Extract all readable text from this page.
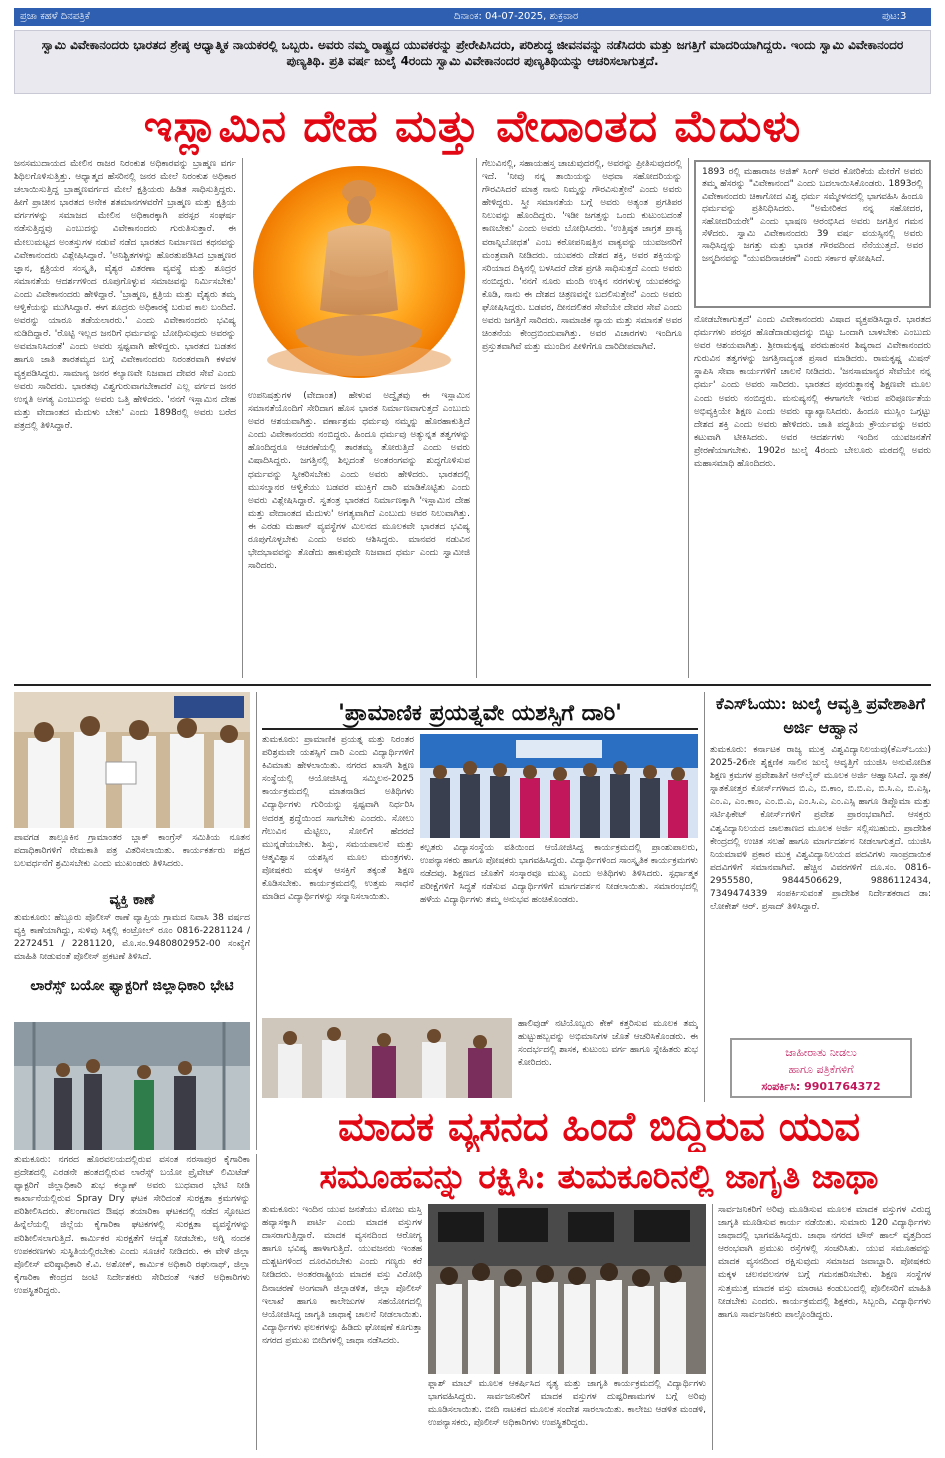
ಪ್ರಜಾ ಕಹಳೆ ದಿನಪತ್ರಿಕೆ	ದಿನಾಂಕ: 04-07-2025, ಶುಕ್ರವಾರ	ಪುಟ:3

ಸ್ವಾಮಿ ವಿವೇಕಾನಂದರು ಭಾರತದ ಶ್ರೇಷ್ಠ ಆಧ್ಯಾತ್ಮಿಕ ನಾಯಕರಲ್ಲಿ ಒಬ್ಬರು. ಅವರು ನಮ್ಮ ರಾಷ್ಟ್ರದ ಯುವಕರನ್ನು ಪ್ರೇರೇಪಿಸಿದರು, ಪರಿಶುದ್ಧ ಜೀವನವನ್ನು ನಡೆಸಿದರು ಮತ್ತು ಜಗತ್ತಿಗೆ ಮಾದರಿಯಾಗಿದ್ದರು. ಇಂದು ಸ್ವಾಮಿ ವಿವೇಕಾನಂದರ ಪುಣ್ಯತಿಥಿ. ಪ್ರತಿ ವರ್ಷ ಜುಲೈ 4ರಂದು ಸ್ವಾಮಿ ವಿವೇಕಾನಂದರ ಪುಣ್ಯತಿಥಿಯನ್ನು ಆಚರಿಸಲಾಗುತ್ತದೆ.

ಇಸ್ಲಾಮಿನ ದೇಹ ಮತ್ತು ವೇದಾಂತದ ಮೆದುಳು
ಜನಸಮುದಾಯದ ಮೇಲಿನ ರಾಜರ ನಿರಂಕುಶ ಅಧಿಕಾರವನ್ನು ಬ್ರಾಹ್ಮಣ ವರ್ಗ ಶಿಥಿಲಗೊಳಿಸುತ್ತಿತ್ತು. ಆಧ್ಯಾತ್ಮದ ಹೆಸರಿನಲ್ಲಿ ಜನರ ಮೇಲೆ ನಿರಂಕುಶ ಅಧಿಕಾರ ಚಲಾಯಿಸುತ್ತಿದ್ದ ಬ್ರಾಹ್ಮಣವರ್ಗದ ಮೇಲೆ ಕ್ಷತ್ರಿಯರು ಹಿಡಿತ ಸಾಧಿಸುತ್ತಿದ್ದರು. ಹೀಗೆ ಪ್ರಾಚೀನ ಭಾರತದ ಅನೇಕ ಶತಮಾನಗಳವರೆಗೆ ಬ್ರಾಹ್ಮಣ ಮತ್ತು ಕ್ಷತ್ರಿಯ ವರ್ಗಗಳನ್ನು ಸಮಾಜದ ಮೇಲಿನ ಅಧಿಕಾರಕ್ಕಾಗಿ ಪರಸ್ಪರ ಸಂಘರ್ಷ ನಡೆಸುತ್ತಿದ್ದವು ಎಂಬುದನ್ನು ವಿವೇಕಾನಂದರು ಗುರುತಿಸುತ್ತಾರೆ. ಈ ಮೇಲುಮಟ್ಟದ ಅಂತಸ್ತುಗಳ ನಡುವೆ ನಡೆದ ಭಾರತದ ನಿರ್ಮಾಣದ ಕಥನವನ್ನು ವಿವೇಕಾನಂದರು ವಿಶ್ಲೇಷಿಸಿದ್ದಾರೆ. 'ಅನಿಶ್ಚಿತಗಳನ್ನು ಹೊರತುಪಡಿಸಿದ ಬ್ರಾಹ್ಮಣರ ಜ್ಞಾನ, ಕ್ಷತ್ರಿಯರ ಸಂಸ್ಕೃತಿ, ವೈಶ್ಯರ ವಿತರಣಾ ವ್ಯವಸ್ಥೆ ಮತ್ತು ಶೂದ್ರರ ಸಮಾನತೆಯ ಆದರ್ಶಗಳಿಂದ ರೂಪುಗೊಳ್ಳುವ ಸಮಾಜವನ್ನು ನಿರ್ಮಿಸಬೇಕು' ಎಂದು ವಿವೇಕಾನಂದರು ಹೇಳಿದ್ದಾರೆ. 'ಬ್ರಾಹ್ಮಣ, ಕ್ಷತ್ರಿಯ ಮತ್ತು ವೈಶ್ಯರು ತಮ್ಮ ಆಳ್ವಿಕೆಯನ್ನು ಮುಗಿಸಿದ್ದಾರೆ. ಈಗ ಶೂದ್ರರು ಅಧಿಕಾರಕ್ಕೆ ಬರುವ ಕಾಲ ಬಂದಿದೆ. ಅವರನ್ನು ಯಾರೂ ತಡೆಯಲಾರರು.' ಎಂದು ವಿವೇಕಾನಂದರು ಭವಿಷ್ಯ ನುಡಿದಿದ್ದಾರೆ. 'ರೊಟ್ಟಿ ಇಲ್ಲದ ಜನರಿಗೆ ಧರ್ಮವನ್ನು ಬೋಧಿಸುವುದು ಅವರನ್ನು ಅವಮಾನಿಸಿದಂತೆ' ಎಂದು ಅವರು ಸ್ಪಷ್ಟವಾಗಿ ಹೇಳಿದ್ದರು. ಭಾರತದ ಬಡತನ ಹಾಗೂ ಜಾತಿ ತಾರತಮ್ಯದ ಬಗ್ಗೆ ವಿವೇಕಾನಂದರು ನಿರಂತರವಾಗಿ ಕಳವಳ ವ್ಯಕ್ತಪಡಿಸಿದ್ದರು. ಸಾಮಾನ್ಯ ಜನರ ಕಲ್ಯಾಣವೇ ನಿಜವಾದ ದೇವರ ಸೇವೆ ಎಂದು ಅವರು ಸಾರಿದರು. ಭಾರತವು ವಿಶ್ವಗುರುವಾಗಬೇಕಾದರೆ ಎಲ್ಲ ವರ್ಗದ ಜನರ ಉನ್ನತಿ ಅಗತ್ಯ ಎಂಬುದನ್ನು ಅವರು ಒತ್ತಿ ಹೇಳಿದರು. 'ನನಗೆ ಇಸ್ಲಾಮಿನ ದೇಹ ಮತ್ತು ವೇದಾಂತದ ಮೆದುಳು ಬೇಕು' ಎಂದು 1898ರಲ್ಲಿ ಅವರು ಬರೆದ ಪತ್ರದಲ್ಲಿ ತಿಳಿಸಿದ್ದಾರೆ.
ಉಪನಿಷತ್ತುಗಳ (ವೇದಾಂತ) ಹೇಳುವ ಅದ್ವೈತವು ಈ ಇಸ್ಲಾಮಿನ ಸಮಾನತೆಯೊಂದಿಗೆ ಸೇರಿದಾಗ ಹೊಸ ಭಾರತ ನಿರ್ಮಾಣವಾಗುತ್ತದೆ ಎಂಬುದು ಅವರ ಆಶಯವಾಗಿತ್ತು. ವರ್ಣಾಶ್ರಮ ಧರ್ಮವು ನಮ್ಮನ್ನು ಹೊರಹಾಕುತ್ತಿದೆ ಎಂದು ವಿವೇಕಾನಂದರು ನಂಬಿದ್ದರು. ಹಿಂದೂ ಧರ್ಮವು ಅತ್ಯುನ್ನತ ತತ್ವಗಳನ್ನು ಹೊಂದಿದ್ದರೂ ಆಚರಣೆಯಲ್ಲಿ ತಾರತಮ್ಯ ತೋರುತ್ತಿದೆ ಎಂದು ಅವರು ವಿಷಾದಿಸಿದ್ದರು. ಜಗತ್ತಿನಲ್ಲಿ ಶಿಲ್ಪದಂತೆ ಅಂತರಂಗವನ್ನು ಶುದ್ಧಗೊಳಿಸುವ ಧರ್ಮವನ್ನು ಸ್ವೀಕರಿಸಬೇಕು ಎಂದು ಅವರು ಹೇಳಿದರು. ಭಾರತದಲ್ಲಿ ಮುಸಲ್ಮಾನರ ಆಳ್ವಿಕೆಯು ಬಡವರ ಮುಕ್ತಿಗೆ ದಾರಿ ಮಾಡಿಕೊಟ್ಟಿತು ಎಂದು ಅವರು ವಿಶ್ಲೇಷಿಸಿದ್ದಾರೆ. ಸ್ವತಂತ್ರ ಭಾರತದ ನಿರ್ಮಾಣಕ್ಕಾಗಿ 'ಇಸ್ಲಾಮಿನ ದೇಹ ಮತ್ತು ವೇದಾಂತದ ಮೆದುಳು' ಅಗತ್ಯವಾಗಿದೆ ಎಂಬುದು ಅವರ ನಿಲುವಾಗಿತ್ತು. ಈ ಎರಡು ಮಹಾನ್ ವ್ಯವಸ್ಥೆಗಳ ಮಿಲನದ ಮೂಲಕವೇ ಭಾರತದ ಭವಿಷ್ಯ ರೂಪುಗೊಳ್ಳಬೇಕು ಎಂದು ಅವರು ಆಶಿಸಿದ್ದರು. ಮಾನವರ ನಡುವಿನ ಭೇದಭಾವವನ್ನು ತೊಡೆದು ಹಾಕುವುದೇ ನಿಜವಾದ ಧರ್ಮ ಎಂದು ಸ್ವಾಮೀಜಿ ಸಾರಿದರು.
ಗೆಲುವಿನಲ್ಲಿ, ಸಹಾಯಹಸ್ತ ಚಾಚುವುದರಲ್ಲಿ, ಅವರನ್ನು ಪ್ರೀತಿಸುವುದರಲ್ಲಿ ಇದೆ. 'ನೀವು ನನ್ನ ತಾಯಿಯನ್ನು ಅಥವಾ ಸಹೋದರಿಯನ್ನು ಗೌರವಿಸಿದರೆ ಮಾತ್ರ ನಾನು ನಿಮ್ಮನ್ನು ಗೌರವಿಸುತ್ತೇನೆ' ಎಂದು ಅವರು ಹೇಳಿದ್ದರು. ಸ್ತ್ರೀ ಸಮಾನತೆಯ ಬಗ್ಗೆ ಅವರು ಅತ್ಯಂತ ಪ್ರಗತಿಪರ ನಿಲುವನ್ನು ಹೊಂದಿದ್ದರು. 'ಇಡೀ ಜಗತ್ತನ್ನು ಒಂದು ಕುಟುಂಬದಂತೆ ಕಾಣಬೇಕು' ಎಂದು ಅವರು ಬೋಧಿಸಿದರು. 'ಉತ್ತಿಷ್ಠತ ಜಾಗ್ರತ ಪ್ರಾಪ್ಯ ವರಾನ್ನಿಬೋಧತ' ಎಂಬ ಕಠೋಪನಿಷತ್ತಿನ ವಾಕ್ಯವನ್ನು ಯುವಜನರಿಗೆ ಮಂತ್ರವಾಗಿ ನೀಡಿದರು. ಯುವಕರು ದೇಶದ ಶಕ್ತಿ, ಅವರ ಶಕ್ತಿಯನ್ನು ಸರಿಯಾದ ದಿಕ್ಕಿನಲ್ಲಿ ಬಳಸಿದರೆ ದೇಶ ಪ್ರಗತಿ ಸಾಧಿಸುತ್ತದೆ ಎಂದು ಅವರು ನಂಬಿದ್ದರು. 'ನನಗೆ ನೂರು ಮಂದಿ ಉಕ್ಕಿನ ನರಗಳುಳ್ಳ ಯುವಕರನ್ನು ಕೊಡಿ, ನಾನು ಈ ದೇಶದ ಚಿತ್ರಣವನ್ನೇ ಬದಲಿಸುತ್ತೇನೆ' ಎಂದು ಅವರು ಘೋಷಿಸಿದ್ದರು. ಬಡವರ, ದೀನದಲಿತರ ಸೇವೆಯೇ ದೇವರ ಸೇವೆ ಎಂದು ಅವರು ಜಗತ್ತಿಗೆ ಸಾರಿದರು. ಸಾಮಾಜಿಕ ನ್ಯಾಯ ಮತ್ತು ಸಮಾನತೆ ಅವರ ಚಿಂತನೆಯ ಕೇಂದ್ರಬಿಂದುವಾಗಿತ್ತು. ಅವರ ವಿಚಾರಗಳು ಇಂದಿಗೂ ಪ್ರಸ್ತುತವಾಗಿವೆ ಮತ್ತು ಮುಂದಿನ ಪೀಳಿಗೆಗೂ ದಾರಿದೀಪವಾಗಿವೆ.
1893 ರಲ್ಲಿ ಮಹಾರಾಜ ಅಜಿತ್ ಸಿಂಗ್ ಅವರ ಕೋರಿಕೆಯ ಮೇರೆಗೆ ಅವರು ತಮ್ಮ ಹೆಸರನ್ನು "ವಿವೇಕಾನಂದ" ಎಂದು ಬದಲಾಯಿಸಿಕೊಂಡರು. 1893ರಲ್ಲಿ ವಿವೇಕಾನಂದರು ಚಿಕಾಗೋದ ವಿಶ್ವ ಧರ್ಮ ಸಮ್ಮೇಳನದಲ್ಲಿ ಭಾಗವಹಿಸಿ ಹಿಂದೂ ಧರ್ಮವನ್ನು ಪ್ರತಿನಿಧಿಸಿದರು. "ಅಮೇರಿಕದ ನನ್ನ ಸಹೋದರ, ಸಹೋದರಿಯರೇ" ಎಂದು ಭಾಷಣ ಆರಂಭಿಸಿದ ಅವರು ಜಗತ್ತಿನ ಗಮನ ಸೆಳೆದರು. ಸ್ವಾಮಿ ವಿವೇಕಾನಂದರು 39 ವರ್ಷ ವಯಸ್ಸಿನಲ್ಲಿ ಅವರು ಸಾಧಿಸಿದ್ದನ್ನು ಜಗತ್ತು ಮತ್ತು ಭಾರತ ಗೌರವದಿಂದ ನೆನೆಯುತ್ತದೆ. ಅವರ ಜನ್ಮದಿನವನ್ನು "ಯುವದಿನಾಚರಣೆ" ಎಂದು ಸರ್ಕಾರ ಘೋಷಿಸಿದೆ.
ನೋಡಬೇಕಾಗುತ್ತದೆ' ಎಂದು ವಿವೇಕಾನಂದರು ವಿಷಾದ ವ್ಯಕ್ತಪಡಿಸಿದ್ದಾರೆ. ಭಾರತದ ಧರ್ಮಗಳು ಪರಸ್ಪರ ಹೊಡೆದಾಡುವುದನ್ನು ಬಿಟ್ಟು ಒಂದಾಗಿ ಬಾಳಬೇಕು ಎಂಬುದು ಅವರ ಆಶಯವಾಗಿತ್ತು. ಶ್ರೀರಾಮಕೃಷ್ಣ ಪರಮಹಂಸರ ಶಿಷ್ಯರಾದ ವಿವೇಕಾನಂದರು ಗುರುವಿನ ತತ್ವಗಳನ್ನು ಜಗತ್ತಿನಾದ್ಯಂತ ಪ್ರಸಾರ ಮಾಡಿದರು. ರಾಮಕೃಷ್ಣ ಮಿಷನ್ ಸ್ಥಾಪಿಸಿ ಸೇವಾ ಕಾರ್ಯಗಳಿಗೆ ಚಾಲನೆ ನೀಡಿದರು. 'ಜನಸಾಮಾನ್ಯರ ಸೇವೆಯೇ ನನ್ನ ಧರ್ಮ' ಎಂದು ಅವರು ಸಾರಿದರು. ಭಾರತದ ಪುನರುತ್ಥಾನಕ್ಕೆ ಶಿಕ್ಷಣವೇ ಮೂಲ ಎಂದು ಅವರು ನಂಬಿದ್ದರು. ಮನುಷ್ಯನಲ್ಲಿ ಈಗಾಗಲೇ ಇರುವ ಪರಿಪೂರ್ಣತೆಯ ಅಭಿವ್ಯಕ್ತಿಯೇ ಶಿಕ್ಷಣ ಎಂದು ಅವರು ವ್ಯಾಖ್ಯಾನಿಸಿದರು. ಹಿಂದೂ ಮುಸ್ಲಿಂ ಒಗ್ಗಟ್ಟು ದೇಶದ ಶಕ್ತಿ ಎಂದು ಅವರು ಹೇಳಿದರು. ಜಾತಿ ಪದ್ಧತಿಯ ಕ್ರೌರ್ಯವನ್ನು ಅವರು ಕಟುವಾಗಿ ಟೀಕಿಸಿದರು. ಅವರ ಆದರ್ಶಗಳು ಇಂದಿನ ಯುವಜನತೆಗೆ ಪ್ರೇರಣೆಯಾಗಬೇಕು. 1902ರ ಜುಲೈ 4ರಂದು ಬೇಲೂರು ಮಠದಲ್ಲಿ ಅವರು ಮಹಾಸಮಾಧಿ ಹೊಂದಿದರು.
ಪಾವಗಡ ತಾಲ್ಲೂಕಿನ ಗ್ರಾಮಾಂತರ ಬ್ಲಾಕ್ ಕಾಂಗ್ರೆಸ್ ಸಮಿತಿಯ ನೂತನ ಪದಾಧಿಕಾರಿಗಳಿಗೆ ನೇಮಕಾತಿ ಪತ್ರ ವಿತರಿಸಲಾಯಿತು. ಕಾರ್ಯಕರ್ತರು ಪಕ್ಷದ ಬಲವರ್ಧನೆಗೆ ಶ್ರಮಿಸಬೇಕು ಎಂದು ಮುಖಂಡರು ತಿಳಿಸಿದರು.
ವ್ಯಕ್ತಿ ಕಾಣೆ
ತುಮಕೂರು: ಹೆಬ್ಬೂರು ಪೊಲೀಸ್ ಠಾಣೆ ವ್ಯಾಪ್ತಿಯ ಗ್ರಾಮದ ನಿವಾಸಿ 38 ವರ್ಷದ ವ್ಯಕ್ತಿ ಕಾಣೆಯಾಗಿದ್ದು, ಸುಳಿವು ಸಿಕ್ಕಲ್ಲಿ ಕಂಟ್ರೋಲ್ ರೂಂ 0816-2281124 / 2272451 / 2281120, ಮೊ.ಸಂ.9480802952-00 ಸಂಖ್ಯೆಗೆ ಮಾಹಿತಿ ನೀಡುವಂತೆ ಪೊಲೀಸ್ ಪ್ರಕಟಣೆ ತಿಳಿಸಿದೆ.
ಲಾರೆಸ್ಸ್ ಬಯೋ ಫ್ಯಾಕ್ಟರಿಗೆ ಜಿಲ್ಲಾಧಿಕಾರಿ ಭೇಟಿ
'ಪ್ರಾಮಾಣಿಕ ಪ್ರಯತ್ನವೇ ಯಶಸ್ಸಿಗೆ ದಾರಿ'
ತುಮಕೂರು: ಪ್ರಾಮಾಣಿಕ ಪ್ರಯತ್ನ ಮತ್ತು ನಿರಂತರ ಪರಿಶ್ರಮವೇ ಯಶಸ್ಸಿಗೆ ದಾರಿ ಎಂದು ವಿದ್ಯಾರ್ಥಿಗಳಿಗೆ ಕಿವಿಮಾತು ಹೇಳಲಾಯಿತು. ನಗರದ ಖಾಸಗಿ ಶಿಕ್ಷಣ ಸಂಸ್ಥೆಯಲ್ಲಿ ಆಯೋಜಿಸಿದ್ದ ಸಮ್ಮಿಲನ-2025 ಕಾರ್ಯಕ್ರಮದಲ್ಲಿ ಮಾತನಾಡಿದ ಅತಿಥಿಗಳು ವಿದ್ಯಾರ್ಥಿಗಳು ಗುರಿಯನ್ನು ಸ್ಪಷ್ಟವಾಗಿ ನಿರ್ಧರಿಸಿ ಅದರತ್ತ ಶ್ರದ್ಧೆಯಿಂದ ಸಾಗಬೇಕು ಎಂದರು. ಸೋಲು ಗೆಲುವಿನ ಮೆಟ್ಟಿಲು, ಸೋಲಿಗೆ ಹೆದರದೆ ಮುನ್ನಡೆಯಬೇಕು. ಶಿಸ್ತು, ಸಮಯಪಾಲನೆ ಮತ್ತು ಆತ್ಮವಿಶ್ವಾಸ ಯಶಸ್ಸಿನ ಮೂಲ ಮಂತ್ರಗಳು. ಪೋಷಕರು ಮಕ್ಕಳ ಆಸಕ್ತಿಗೆ ತಕ್ಕಂತೆ ಶಿಕ್ಷಣ ಕೊಡಿಸಬೇಕು. ಕಾರ್ಯಕ್ರಮದಲ್ಲಿ ಉತ್ತಮ ಸಾಧನೆ ಮಾಡಿದ ವಿದ್ಯಾರ್ಥಿಗಳನ್ನು ಸನ್ಮಾನಿಸಲಾಯಿತು.
ಕಲ್ಪತರು ವಿದ್ಯಾಸಂಸ್ಥೆಯ ವತಿಯಿಂದ ಆಯೋಜಿಸಿದ್ದ ಕಾರ್ಯಕ್ರಮದಲ್ಲಿ ಪ್ರಾಂಶುಪಾಲರು, ಉಪನ್ಯಾಸಕರು ಹಾಗೂ ಪೋಷಕರು ಭಾಗವಹಿಸಿದ್ದರು. ವಿದ್ಯಾರ್ಥಿಗಳಿಂದ ಸಾಂಸ್ಕೃತಿಕ ಕಾರ್ಯಕ್ರಮಗಳು ನಡೆದವು. ಶಿಕ್ಷಣದ ಜೊತೆಗೆ ಸಂಸ್ಕಾರವೂ ಮುಖ್ಯ ಎಂದು ಅತಿಥಿಗಳು ತಿಳಿಸಿದರು. ಸ್ಪರ್ಧಾತ್ಮಕ ಪರೀಕ್ಷೆಗಳಿಗೆ ಸಿದ್ಧತೆ ನಡೆಸುವ ವಿದ್ಯಾರ್ಥಿಗಳಿಗೆ ಮಾರ್ಗದರ್ಶನ ನೀಡಲಾಯಿತು. ಸಮಾರಂಭದಲ್ಲಿ ಹಳೆಯ ವಿದ್ಯಾರ್ಥಿಗಳು ತಮ್ಮ ಅನುಭವ ಹಂಚಿಕೊಂಡರು.
ಹಾಲಿವುಡ್ ನಟಿಯೊಬ್ಬರು ಕೇಕ್ ಕತ್ತರಿಸುವ ಮೂಲಕ ತಮ್ಮ ಹುಟ್ಟುಹಬ್ಬವನ್ನು ಅಭಿಮಾನಿಗಳ ಜೊತೆ ಆಚರಿಸಿಕೊಂಡರು. ಈ ಸಂದರ್ಭದಲ್ಲಿ ಶಾಸಕ, ಕುಟುಂಬ ವರ್ಗ ಹಾಗೂ ಸ್ನೇಹಿತರು ಶುಭ ಕೋರಿದರು.
ಕೆಎಸ್‌ಓಯು: ಜುಲೈ ಆವೃತ್ತಿ ಪ್ರವೇಶಾತಿಗೆ ಅರ್ಜಿ ಆಹ್ವಾನ
ತುಮಕೂರು: ಕರ್ನಾಟಕ ರಾಜ್ಯ ಮುಕ್ತ ವಿಶ್ವವಿದ್ಯಾನಿಲಯವು(ಕೆಎಸ್‌ಒಯು) 2025-26ನೇ ಶೈಕ್ಷಣಿಕ ಸಾಲಿನ ಜುಲೈ ಆವೃತ್ತಿಗೆ ಯುಜಿಸಿ ಅನುಮೋದಿತ ಶಿಕ್ಷಣ ಕ್ರಮಗಳ ಪ್ರವೇಶಾತಿಗೆ ಆನ್‌ಲೈನ್ ಮೂಲಕ ಅರ್ಜಿ ಆಹ್ವಾನಿಸಿದೆ. ಸ್ನಾತಕ/ಸ್ನಾತಕೋತ್ತರ ಕೋರ್ಸ್‌ಗಳಾದ ಬಿ.ಎ, ಬಿ.ಕಾಂ, ಬಿ.ಬಿ.ಎ, ಬಿ.ಸಿ.ಎ, ಬಿ.ಎಸ್ಸಿ, ಎಂ.ಎ, ಎಂ.ಕಾಂ, ಎಂ.ಬಿ.ಎ, ಎಂ.ಸಿ.ಎ, ಎಂ.ಎಸ್ಸಿ ಹಾಗೂ ಡಿಪ್ಲೊಮಾ ಮತ್ತು ಸರ್ಟಿಫಿಕೇಟ್ ಕೋರ್ಸ್‌ಗಳಿಗೆ ಪ್ರವೇಶ ಪ್ರಾರಂಭವಾಗಿದೆ. ಆಸಕ್ತರು ವಿಶ್ವವಿದ್ಯಾನಿಲಯದ ಜಾಲತಾಣದ ಮೂಲಕ ಅರ್ಜಿ ಸಲ್ಲಿಸಬಹುದು. ಪ್ರಾದೇಶಿಕ ಕೇಂದ್ರದಲ್ಲಿ ಉಚಿತ ಸಲಹೆ ಹಾಗೂ ಮಾರ್ಗದರ್ಶನ ನೀಡಲಾಗುತ್ತದೆ. ಯುಜಿಸಿ ನಿಯಮಾವಳಿ ಪ್ರಕಾರ ಮುಕ್ತ ವಿಶ್ವವಿದ್ಯಾನಿಲಯದ ಪದವಿಗಳು ಸಾಂಪ್ರದಾಯಿಕ ಪದವಿಗಳಿಗೆ ಸಮಾನವಾಗಿವೆ. ಹೆಚ್ಚಿನ ವಿವರಗಳಿಗೆ ದೂ.ಸಂ. 0816-2955580, 9844506629, 9886112434, 7349474339 ಸಂಪರ್ಕಿಸುವಂತೆ ಪ್ರಾದೇಶಿಕ ನಿರ್ದೇಶಕರಾದ ಡಾ: ಲೋಕೇಶ್ ಆರ್. ಪ್ರಸಾದ್ ತಿಳಿಸಿದ್ದಾರೆ.
ಜಾಹೀರಾತು ನೀಡಲು
ಹಾಗೂ ಪತ್ರಿಕೆಗಳಿಗೆ
ಸಂಪರ್ಕಿಸಿ: 9901764372
ಮಾದಕ ವ್ಯಸನದ ಹಿಂದೆ ಬಿದ್ದಿರುವ ಯುವ
ಸಮೂಹವನ್ನು ರಕ್ಷಿಸಿ: ತುಮಕೂರಿನಲ್ಲಿ ಜಾಗೃತಿ ಜಾಥಾ
ತುಮಕೂರು: ನಗರದ ಹೊರವಲಯದಲ್ಲಿರುವ ವಸಂತ ನರಸಾಪುರ ಕೈಗಾರಿಕಾ ಪ್ರದೇಶದಲ್ಲಿ ಎರಡನೇ ಹಂತದಲ್ಲಿರುವ ಲಾರೆಸ್ಸ್ ಬಯೋ ಪ್ರೈವೇಟ್ ಲಿಮಿಟೆಡ್ ಫ್ಯಾಕ್ಟರಿಗೆ ಜಿಲ್ಲಾಧಿಕಾರಿ ಶುಭ ಕಲ್ಯಾಣ್ ಅವರು ಬುಧವಾರ ಭೇಟಿ ನೀಡಿ ಕಾರ್ಖಾನೆಯಲ್ಲಿರುವ Spray Dry ಘಟಕ ಸೇರಿದಂತೆ ಸುರಕ್ಷತಾ ಕ್ರಮಗಳನ್ನು ಪರಿಶೀಲಿಸಿದರು. ತೆಲಂಗಾಣದ ಔಷಧ ತಯಾರಿಕಾ ಘಟಕದಲ್ಲಿ ನಡೆದ ಸ್ಫೋಟದ ಹಿನ್ನೆಲೆಯಲ್ಲಿ ಜಿಲ್ಲೆಯ ಕೈಗಾರಿಕಾ ಘಟಕಗಳಲ್ಲಿ ಸುರಕ್ಷತಾ ವ್ಯವಸ್ಥೆಗಳನ್ನು ಪರಿಶೀಲಿಸಲಾಗುತ್ತಿದೆ. ಕಾರ್ಮಿಕರ ಸುರಕ್ಷತೆಗೆ ಆದ್ಯತೆ ನೀಡಬೇಕು, ಅಗ್ನಿ ನಂದಕ ಉಪಕರಣಗಳು ಸುಸ್ಥಿತಿಯಲ್ಲಿರಬೇಕು ಎಂದು ಸೂಚನೆ ನೀಡಿದರು. ಈ ವೇಳೆ ಜಿಲ್ಲಾ ಪೊಲೀಸ್ ವರಿಷ್ಠಾಧಿಕಾರಿ ಕೆ.ವಿ. ಅಶೋಕ್, ಕಾರ್ಮಿಕ ಅಧಿಕಾರಿ ರಘುನಾಥ್, ಜಿಲ್ಲಾ ಕೈಗಾರಿಕಾ ಕೇಂದ್ರದ ಜಂಟಿ ನಿರ್ದೇಶಕರು ಸೇರಿದಂತೆ ಇತರೆ ಅಧಿಕಾರಿಗಳು ಉಪಸ್ಥಿತರಿದ್ದರು.
ತುಮಕೂರು: ಇಂದಿನ ಯುವ ಜನತೆಯು ಮೋಜು ಮಸ್ತಿ ಹವ್ಯಾಸಕ್ಕಾಗಿ ಪಾರ್ಟಿ ಎಂದು ಮಾದಕ ವಸ್ತುಗಳ ದಾಸರಾಗುತ್ತಿದ್ದಾರೆ. ಮಾದಕ ವ್ಯಸನದಿಂದ ಆರೋಗ್ಯ ಹಾಗೂ ಭವಿಷ್ಯ ಹಾಳಾಗುತ್ತಿದೆ. ಯುವಜನರು ಇಂತಹ ದುಶ್ಚಟಗಳಿಂದ ದೂರವಿರಬೇಕು ಎಂದು ಗಣ್ಯರು ಕರೆ ನೀಡಿದರು. ಅಂತರರಾಷ್ಟ್ರೀಯ ಮಾದಕ ವಸ್ತು ವಿರೋಧಿ ದಿನಾಚರಣೆ ಅಂಗವಾಗಿ ಜಿಲ್ಲಾಡಳಿತ, ಜಿಲ್ಲಾ ಪೊಲೀಸ್ ಇಲಾಖೆ ಹಾಗೂ ಕಾಲೇಜುಗಳ ಸಹಯೋಗದಲ್ಲಿ ಆಯೋಜಿಸಿದ್ದ ಜಾಗೃತಿ ಜಾಥಾಕ್ಕೆ ಚಾಲನೆ ನೀಡಲಾಯಿತು. ವಿದ್ಯಾರ್ಥಿಗಳು ಫಲಕಗಳನ್ನು ಹಿಡಿದು ಘೋಷಣೆ ಕೂಗುತ್ತಾ ನಗರದ ಪ್ರಮುಖ ಬೀದಿಗಳಲ್ಲಿ ಜಾಥಾ ನಡೆಸಿದರು.
ಫ್ಲಾಶ್ ಮಾಬ್ ಮೂಲಕ ಆಕರ್ಷಿಸಿದ ನೃತ್ಯ ಮತ್ತು ಜಾಗೃತಿ ಕಾರ್ಯಕ್ರಮದಲ್ಲಿ ವಿದ್ಯಾರ್ಥಿಗಳು ಭಾಗವಹಿಸಿದ್ದರು. ಸಾರ್ವಜನಿಕರಿಗೆ ಮಾದಕ ವಸ್ತುಗಳ ದುಷ್ಪರಿಣಾಮಗಳ ಬಗ್ಗೆ ಅರಿವು ಮೂಡಿಸಲಾಯಿತು. ಬೀದಿ ನಾಟಕದ ಮೂಲಕ ಸಂದೇಶ ಸಾರಲಾಯಿತು. ಕಾಲೇಜು ಆಡಳಿತ ಮಂಡಳಿ, ಉಪನ್ಯಾಸಕರು, ಪೊಲೀಸ್ ಅಧಿಕಾರಿಗಳು ಉಪಸ್ಥಿತರಿದ್ದರು.
ಸಾರ್ವಜನಿಕರಿಗೆ ಅರಿವು ಮೂಡಿಸುವ ಮೂಲಕ ಮಾದಕ ವಸ್ತುಗಳ ವಿರುದ್ಧ ಜಾಗೃತಿ ಮೂಡಿಸುವ ಕಾರ್ಯ ನಡೆಯಿತು. ಸುಮಾರು 120 ವಿದ್ಯಾರ್ಥಿಗಳು ಜಾಥಾದಲ್ಲಿ ಭಾಗವಹಿಸಿದ್ದರು. ಜಾಥಾ ನಗರದ ಟೌನ್ ಹಾಲ್ ವೃತ್ತದಿಂದ ಆರಂಭವಾಗಿ ಪ್ರಮುಖ ರಸ್ತೆಗಳಲ್ಲಿ ಸಂಚರಿಸಿತು. ಯುವ ಸಮೂಹವನ್ನು ಮಾದಕ ವ್ಯಸನದಿಂದ ರಕ್ಷಿಸುವುದು ಸಮಾಜದ ಜವಾಬ್ದಾರಿ. ಪೋಷಕರು ಮಕ್ಕಳ ಚಲನವಲನಗಳ ಬಗ್ಗೆ ಗಮನಹರಿಸಬೇಕು. ಶಿಕ್ಷಣ ಸಂಸ್ಥೆಗಳ ಸುತ್ತಮುತ್ತ ಮಾದಕ ವಸ್ತು ಮಾರಾಟ ಕಂಡುಬಂದಲ್ಲಿ ಪೊಲೀಸರಿಗೆ ಮಾಹಿತಿ ನೀಡಬೇಕು ಎಂದರು. ಕಾರ್ಯಕ್ರಮದಲ್ಲಿ ಶಿಕ್ಷಕರು, ಸಿಬ್ಬಂದಿ, ವಿದ್ಯಾರ್ಥಿಗಳು ಹಾಗೂ ಸಾರ್ವಜನಿಕರು ಪಾಲ್ಗೊಂಡಿದ್ದರು.
